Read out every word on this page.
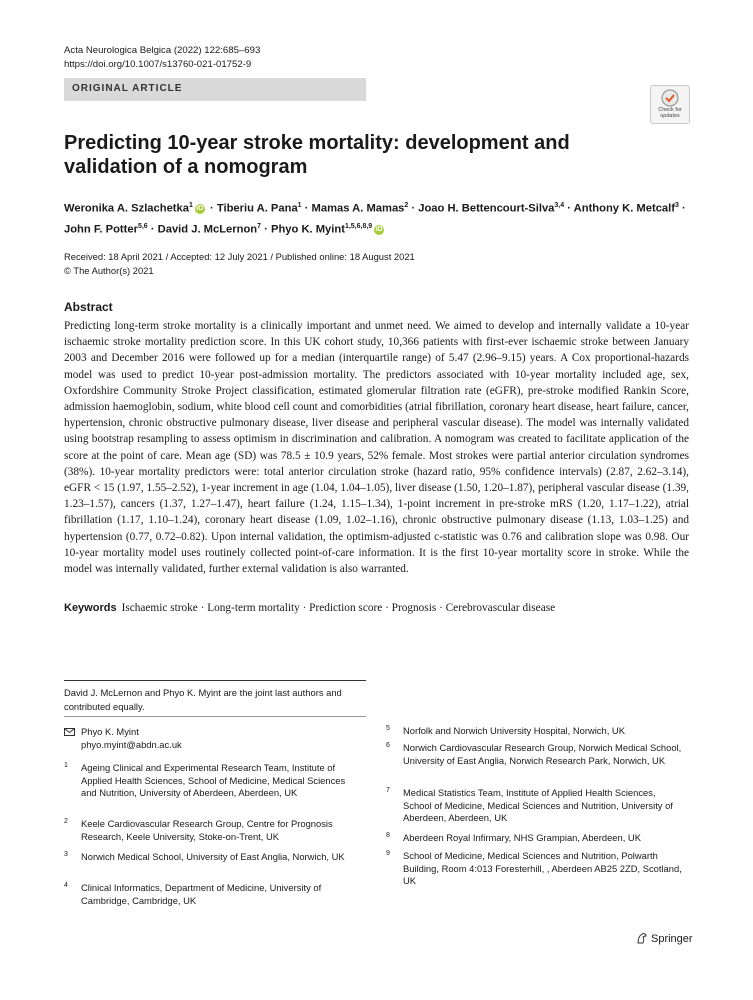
Acta Neurologica Belgica (2022) 122:685–693
https://doi.org/10.1007/s13760-021-01752-9
ORIGINAL ARTICLE
Check for
updates
Predicting 10-year stroke mortality: development and validation of a nomogram
Weronika A. Szlachetka$^1$ iD · Tiberiu A. Pana$^1$ · Mamas A. Mamas$^2$ · Joao H. Bettencourt-Silva$^{3,4}$ · Anthony K. Metcalf$^3$ ·
John F. Potter$^{5,6}$ · David J. McLernon$^7$ · Phyo K. Myint$^{1,5,6,8,9}$ iD
Received: 18 April 2021 / Accepted: 12 July 2021 / Published online: 18 August 2021
© The Author(s) 2021
Abstract
Predicting long-term stroke mortality is a clinically important and unmet need. We aimed to develop and internally validate a 10-year ischaemic stroke mortality prediction score. In this UK cohort study, 10,366 patients with first-ever ischaemic stroke between January 2003 and December 2016 were followed up for a median (interquartile range) of 5.47 (2.96–9.15) years. A Cox proportional-hazards model was used to predict 10-year post-admission mortality. The predictors associated with 10-year mortality included age, sex, Oxfordshire Community Stroke Project classification, estimated glomerular filtration rate (eGFR), pre-stroke modified Rankin Score, admission haemoglobin, sodium, white blood cell count and comorbidities (atrial fibrillation, coronary heart disease, heart failure, cancer, hypertension, chronic obstructive pulmonary disease, liver disease and peripheral vascular disease). The model was internally validated using bootstrap resampling to assess optimism in discrimination and calibration. A nomogram was created to facilitate application of the score at the point of care. Mean age (SD) was 78.5 ± 10.9 years, 52% female. Most strokes were partial anterior circulation syndromes (38%). 10-year mortality predictors were: total anterior circulation stroke (hazard ratio, 95% confidence intervals) (2.87, 2.62–3.14), eGFR < 15 (1.97, 1.55–2.52), 1-year increment in age (1.04, 1.04–1.05), liver disease (1.50, 1.20–1.87), peripheral vascular disease (1.39, 1.23–1.57), cancers (1.37, 1.27–1.47), heart failure (1.24, 1.15–1.34), 1-point increment in pre-stroke mRS (1.20, 1.17–1.22), atrial fibrillation (1.17, 1.10–1.24), coronary heart disease (1.09, 1.02–1.16), chronic obstructive pulmonary disease (1.13, 1.03–1.25) and hypertension (0.77, 0.72–0.82). Upon internal validation, the optimism-adjusted c-statistic was 0.76 and calibration slope was 0.98. Our 10-year mortality model uses routinely collected point-of-care information. It is the first 10-year mortality score in stroke. While the model was internally validated, further external validation is also warranted.
Keywords Ischaemic stroke · Long-term mortality · Prediction score · Prognosis · Cerebrovascular disease
David J. McLernon and Phyo K. Myint are the joint last authors and contributed equally.
Phyo K. Myint
phyo.myint@abdn.ac.uk
1 Ageing Clinical and Experimental Research Team, Institute of Applied Health Sciences, School of Medicine, Medical Sciences and Nutrition, University of Aberdeen, Aberdeen, UK
2 Keele Cardiovascular Research Group, Centre for Prognosis Research, Keele University, Stoke-on-Trent, UK
3 Norwich Medical School, University of East Anglia, Norwich, UK
4 Clinical Informatics, Department of Medicine, University of Cambridge, Cambridge, UK
5 Norfolk and Norwich University Hospital, Norwich, UK
6 Norwich Cardiovascular Research Group, Norwich Medical School, University of East Anglia, Norwich Research Park, Norwich, UK
7 Medical Statistics Team, Institute of Applied Health Sciences, School of Medicine, Medical Sciences and Nutrition, University of Aberdeen, Aberdeen, UK
8 Aberdeen Royal Infirmary, NHS Grampian, Aberdeen, UK
9 School of Medicine, Medical Sciences and Nutrition, Polwarth Building, Room 4:013 Foresterhill, , Aberdeen AB25 2ZD, Scotland, UK
Springer
